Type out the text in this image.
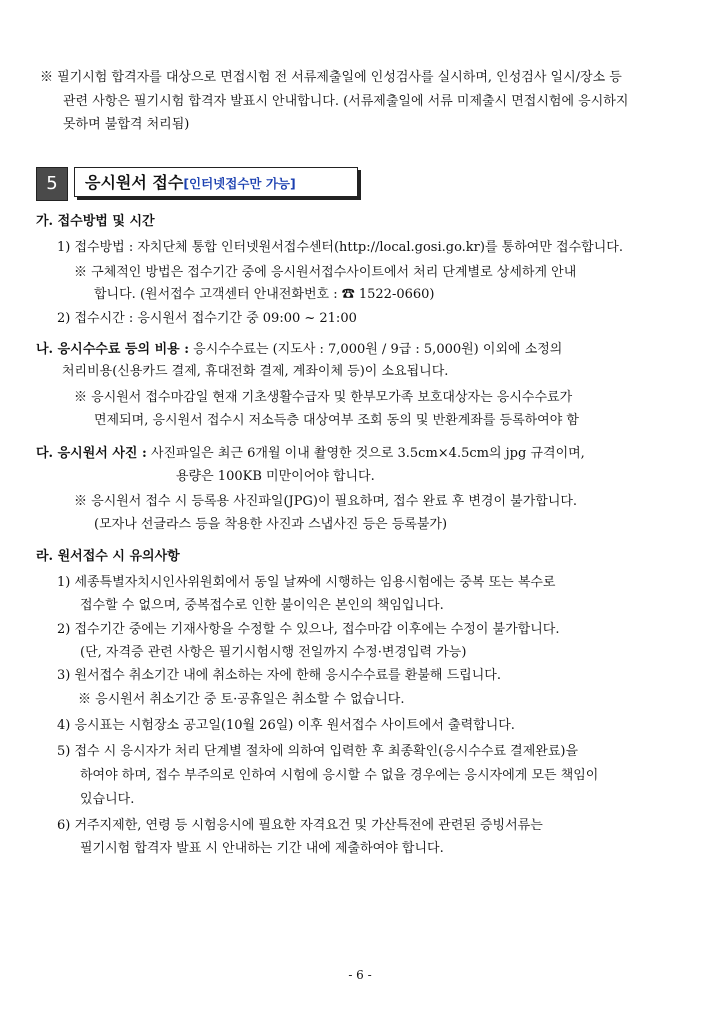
※ 필기시험 합격자를 대상으로 면접시험 전 서류제출일에 인성검사를 실시하며, 인성검사 일시/장소 등
관련 사항은 필기시험 합격자 발표시 안내합니다. (서류제출일에 서류 미제출시 면접시험에 응시하지
못하며 불합격 처리됨)
5	응시원서 접수[인터넷접수만 가능]
가. 접수방법 및 시간
1) 접수방법 : 자치단체 통합 인터넷원서접수센터(http://local.gosi.go.kr)를 통하여만 접수합니다.
※ 구체적인 방법은 접수기간 중에 응시원서접수사이트에서 처리 단계별로 상세하게 안내
합니다. (원서접수 고객센터 안내전화번호 : ☎ 1522-0660)
2) 접수시간 : 응시원서 접수기간 중 09:00 ~ 21:00
나. 응시수수료 등의 비용 : 응시수수료는 (지도사 : 7,000원 / 9급 : 5,000원) 이외에 소정의
처리비용(신용카드 결제, 휴대전화 결제, 계좌이체 등)이 소요됩니다.
※ 응시원서 접수마감일 현재 기초생활수급자 및 한부모가족 보호대상자는 응시수수료가
면제되며, 응시원서 접수시 저소득층 대상여부 조회 동의 및 반환계좌를 등록하여야 함
다. 응시원서 사진 : 사진파일은 최근 6개월 이내 촬영한 것으로 3.5cm×4.5cm의 jpg 규격이며,
용량은 100KB 미만이어야 합니다.
※ 응시원서 접수 시 등록용 사진파일(JPG)이 필요하며, 접수 완료 후 변경이 불가합니다.
(모자나 선글라스 등을 착용한 사진과 스냅사진 등은 등록불가)
라. 원서접수 시 유의사항
1) 세종특별자치시인사위원회에서 동일 날짜에 시행하는 임용시험에는 중복 또는 복수로
접수할 수 없으며, 중복접수로 인한 불이익은 본인의 책임입니다.
2) 접수기간 중에는 기재사항을 수정할 수 있으나, 접수마감 이후에는 수정이 불가합니다.
(단, 자격증 관련 사항은 필기시험시행 전일까지 수정·변경입력 가능)
3) 원서접수 취소기간 내에 취소하는 자에 한해 응시수수료를 환불해 드립니다.
※ 응시원서 취소기간 중 토·공휴일은 취소할 수 없습니다.
4) 응시표는 시험장소 공고일(10월 26일) 이후 원서접수 사이트에서 출력합니다.
5) 접수 시 응시자가 처리 단계별 절차에 의하여 입력한 후 최종확인(응시수수료 결제완료)을
하여야 하며, 접수 부주의로 인하여 시험에 응시할 수 없을 경우에는 응시자에게 모든 책임이
있습니다.
6) 거주지제한, 연령 등 시험응시에 필요한 자격요건 및 가산특전에 관련된 증빙서류는
필기시험 합격자 발표 시 안내하는 기간 내에 제출하여야 합니다.
- 6 -
